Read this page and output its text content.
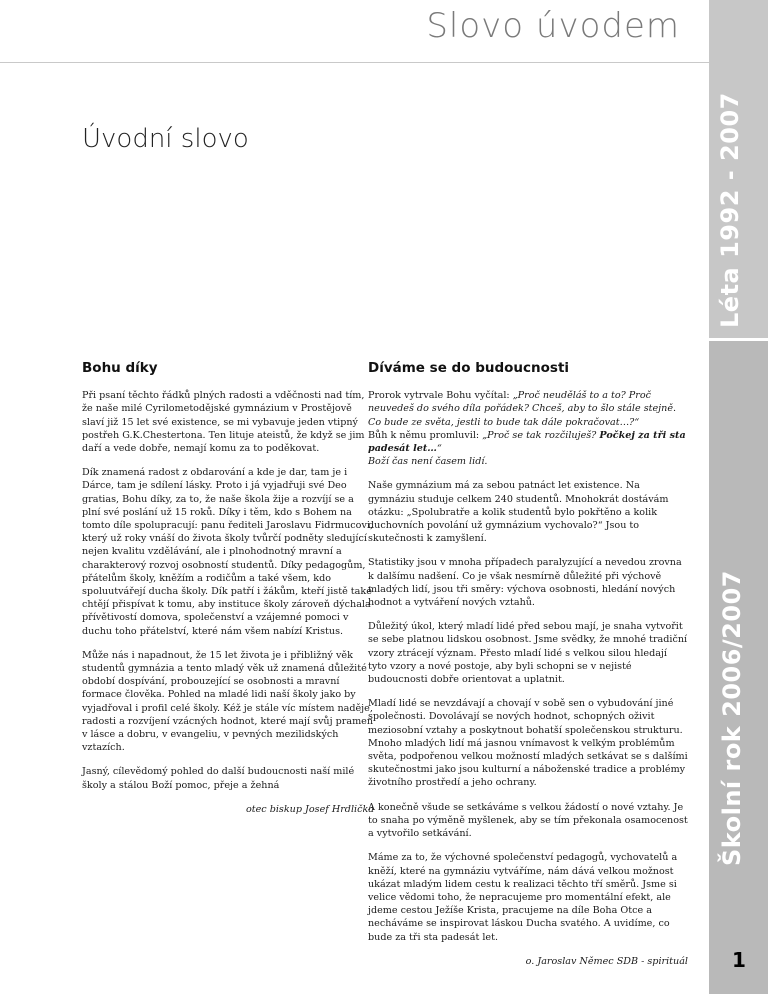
Léta 1992 - 2007
Školní rok 2006/2007
1
Slovo úvodem
Úvodní slovo
Bohu díky

Při psaní těchto řádků plných radosti a vděčnosti nad tím, že naše milé Cyrilometodějské gymnázium v Prostějově slaví již 15 let své existence, se mi vybavuje jeden vtipný postřeh G.K.Chestertona. Ten lituje ateistů, že když se jim daří a vede dobře, nemají komu za to poděkovat.

Dík znamená radost z obdarování a kde je dar, tam je i Dárce, tam je sdílení lásky. Proto i já vyjadřuji své Deo gratias, Bohu díky, za to, že naše škola žije a rozvíjí se a plní své poslání už 15 roků. Díky i těm, kdo s Bohem na tomto díle spolupracují: panu řediteli Jaroslavu Fidrmucovi, který už roky vnáší do života školy tvůrčí podněty sledující nejen kvalitu vzdělávání, ale i plnohodnotný mravní a charakterový rozvoj osobností studentů. Díky pedagogům, přátelům školy, kněžím a rodičům a také všem, kdo spoluutvářejí ducha školy. Dík patří i žákům, kteří jistě také chtějí přispívat k tomu, aby instituce školy zároveň dýchala přívětivostí domova, společenství a vzájemné pomoci v duchu toho přátelství, které nám všem nabízí Kristus.

Může nás i napadnout, že 15 let života je i přibližný věk studentů gymnázia a tento mladý věk už znamená důležité období dospívání, probouzející se osobnosti a mravní formace člověka. Pohled na mladé lidi naší školy jako by vyjadřoval i profil celé školy. Kéž je stále víc místem naděje, radosti a rozvíjení vzácných hodnot, které mají svůj pramen v lásce a dobru, v evangeliu, v pevných mezilidských vztazích.

Jasný, cílevědomý pohled do další budoucnosti naší milé školy a stálou Boží pomoc, přeje a žehná

otec biskup Josef Hrdlička
Díváme se do budoucnosti

Prorok vytrvale Bohu vyčítal: „Proč neuděláš to a to? Proč neuvedeš do svého díla pořádek? Chceš, aby to šlo stále stejně. Co bude ze světa, jestli to bude tak dále pokračovat…?“
Bůh k němu promluvil: „Proč se tak rozčiluješ? Počkej za tři sta padesát let…“
Boží čas není časem lidí.

Naše gymnázium má za sebou patnáct let existence. Na gymnáziu studuje celkem 240 studentů. Mnohokrát dostávám otázku: „Spolubratře a kolik studentů bylo pokřtěno a kolik duchovních povolání už gymnázium vychovalo?“ Jsou to skutečnosti k zamyšlení.

Statistiky jsou v mnoha případech paralyzující a nevedou zrovna k dalšímu nadšení. Co je však nesmírně důležité při výchově mladých lidí, jsou tři směry: výchova osobnosti, hledání nových hodnot a vytváření nových vztahů.

Důležitý úkol, který mladí lidé před sebou mají, je snaha vytvořit se sebe platnou lidskou osobnost. Jsme svědky, že mnohé tradiční vzory ztrácejí význam. Přesto mladí lidé s velkou silou hledají tyto vzory a nové postoje, aby byli schopni se v nejisté budoucnosti dobře orientovat a uplatnit.

Mladí lidé se nevzdávají a chovají v sobě sen o vybudování jiné společnosti. Dovolávají se nových hodnot, schopných oživit meziosobní vztahy a poskytnout bohatší společenskou strukturu. Mnoho mladých lidí má jasnou vnímavost k velkým problémům světa, podpořenou velkou možností mladých setkávat se s dalšími skutečnostmi jako jsou kulturní a náboženské tradice a problémy životního prostředí a jeho ochrany.

A konečně všude se setkáváme s velkou žádostí o nové vztahy. Je to snaha po výměně myšlenek, aby se tím překonala osamocenost a vytvořilo setkávání.

Máme za to, že výchovné společenství pedagogů, vychovatelů a kněží, které na gymnáziu vytváříme, nám dává velkou možnost ukázat mladým lidem cestu k realizaci těchto tří směrů. Jsme si velice vědomi toho, že nepracujeme pro momentální efekt, ale jdeme cestou Ježíše Krista, pracujeme na díle Boha Otce a necháváme se inspirovat láskou Ducha svatého. A uvidíme, co bude za tři sta padesát let.

o. Jaroslav Němec SDB - spirituál
